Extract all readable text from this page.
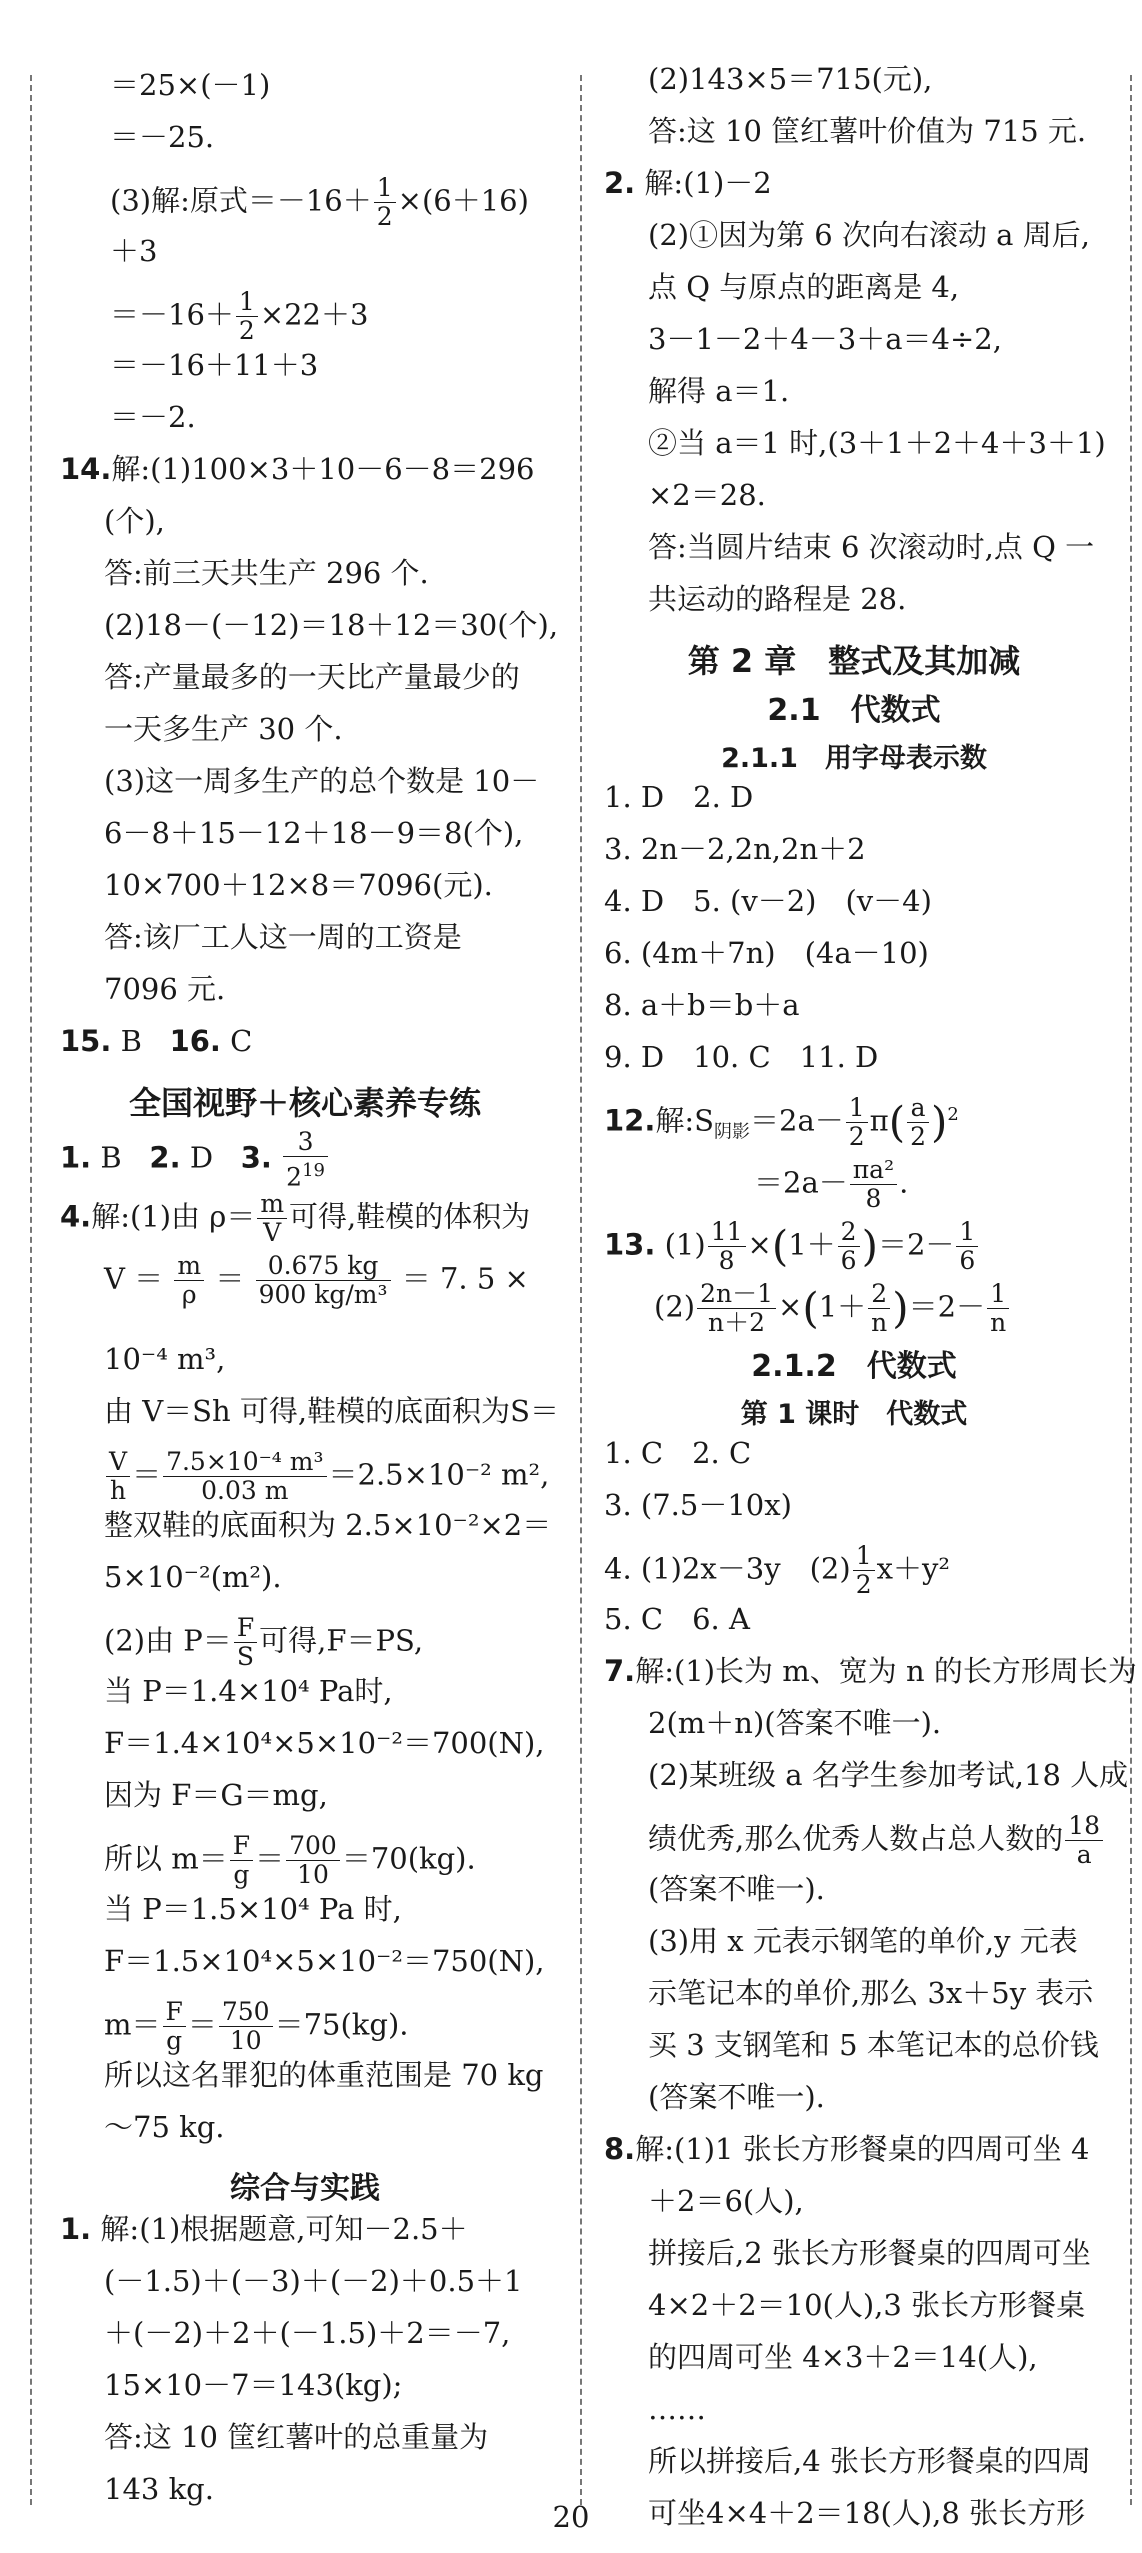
＝25×(－1)
＝－25.
(3)解:原式$=-16+ \frac{1}{2} \times(6+16)$
＋3
$=-16+ \frac{1}{2} \times 22+3$
＝－16＋11＋3
＝－2.
14.解:(1)100×3＋10－6－8＝296
(个),
答:前三天共生产 296 个.
(2)18－(－12)＝18＋12＝30(个),
答:产量最多的一天比产量最少的
一天多生产 30 个.
(3)这一周多生产的总个数是 10－
6－8＋15－12＋18－9＝8(个),
10×700＋12×8＝7096(元).
答:该厂工人这一周的工资是
7096 元.
15. B 16. C
全国视野＋核心素养专练
1. B 2. D 3. $\frac{3}{2^{19}}$
4.解:(1)由 $\rho= \frac{m}{V}$ 可得,鞋模的体积为
$V = \frac{m}{\rho} = \frac{0.675 kg}{\text{900 kg/m³}} = 7$. 5 ×
10⁻⁴ m³,
由 V＝Sh 可得,鞋模的底面积为S＝
$\frac{V}{h} = \frac{\text{7.5×10⁻⁴ m³}}{0.03 m} =2.5\times 10^{-2}$ m²,
整双鞋的底面积为 2.5×10⁻²×2＝
5×10⁻²(m²).
(2)由 $P= \frac{F}{S}$ 可得,F＝PS,
当 P＝1.4×10⁴ Pa时,
F＝1.4×10⁴×5×10⁻²＝700(N),
因为 F＝G＝mg,
所以 $m= \frac{F}{g} = \frac{700}{10} =70(kg)$.
当 P＝1.5×10⁴ Pa 时,
F＝1.5×10⁴×5×10⁻²＝750(N),
$m= \frac{F}{g} = \frac{750}{10} =75(kg)$.
所以这名罪犯的体重范围是 70 kg
～75 kg.
综合与实践
1. 解:(1)根据题意,可知－2.5＋
(－1.5)＋(－3)＋(－2)＋0.5＋1
＋(－2)＋2＋(－1.5)＋2＝－7,
15×10－7＝143(kg);
答:这 10 筐红薯叶的总重量为
143 kg.
(2)143×5＝715(元),
答:这 10 筐红薯叶价值为 715 元.
2. 解:(1)－2
(2)①因为第 6 次向右滚动 a 周后,
点 Q 与原点的距离是 4,
3－1－2＋4－3＋a＝4÷2,
解得 a＝1.
②当 a＝1 时,(3＋1＋2＋4＋3＋1)
×2＝28.
答:当圆片结束 6 次滚动时,点 Q 一
共运动的路程是 28.
第 2 章　整式及其加减
2.1　代数式
2.1.1　用字母表示数
1. D　2. D
3. 2n－2,2n,2n＋2
4. D　5. (v－2)　(v－4)
6. (4m＋7n)　(4a－10)
8. a＋b＝b＋a
9. D　10. C　11. D
12.解$:S_{阴影}=2a- \frac{1}{2} \pi( \frac{a}{2} )^2$
$=2a- \frac{\text{πa²}}{8}$ .
13. $(1) \frac{11}{8} \times(1+ \frac{2}{6} )=2- \frac{1}{6}$
$(2) \frac{2n-1}{n+2} \times(1+ \frac{2}{n} )=2- \frac{1}{n}$
2.1.2　代数式
第 1 课时　代数式
1. C　2. C
3. (7.5－10x)
4. (1)2x－3y　$(2) \frac{1}{2} x+y^2$
5. C　6. A
7.解:(1)长为 m、宽为 n 的长方形周长为
2(m＋n)(答案不唯一).
(2)某班级 a 名学生参加考试,18 人成
绩优秀,那么优秀人数占总人数的 $\frac{18}{a}$
(答案不唯一).
(3)用 x 元表示钢笔的单价,y 元表
示笔记本的单价,那么 3x＋5y 表示
买 3 支钢笔和 5 本笔记本的总价钱
(答案不唯一).
8.解:(1)1 张长方形餐桌的四周可坐 4
＋2＝6(人),
拼接后,2 张长方形餐桌的四周可坐
4×2＋2＝10(人),3 张长方形餐桌
的四周可坐 4×3＋2＝14(人),
……
所以拼接后,4 张长方形餐桌的四周
可坐4×4＋2＝18(人),8 张长方形
20
